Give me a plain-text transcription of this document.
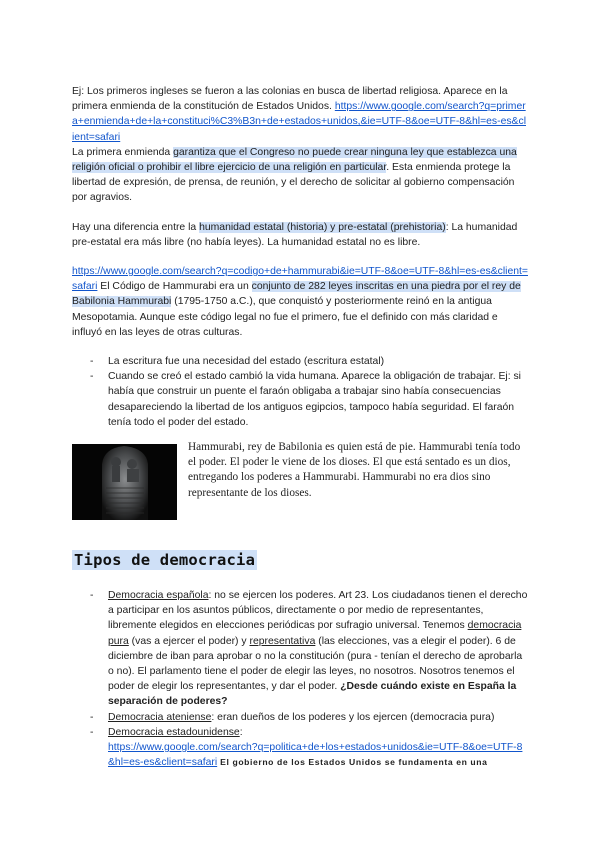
Ej: Los primeros ingleses se fueron a las colonias en busca de libertad religiosa. Aparece en la primera enmienda de la constitución de Estados Unidos. https://www.google.com/search?q=primera+enmienda+de+la+constituci%C3%B3n+de+estados+unidos,&ie=UTF-8&oe=UTF-8&hl=es-es&client=safari

La primera enmienda garantiza que el Congreso no puede crear ninguna ley que establezca una religión oficial o prohibir el libre ejercicio de una religión en particular. Esta enmienda protege la libertad de expresión, de prensa, de reunión, y el derecho de solicitar al gobierno compensación por agravios.

Hay una diferencia entre la humanidad estatal (historia) y pre-estatal (prehistoria): La humanidad pre-estatal era más libre (no había leyes). La humanidad estatal no es libre.

https://www.google.com/search?q=codigo+de+hammurabi&ie=UTF-8&oe=UTF-8&hl=es-es&client=safari El Código de Hammurabi era un conjunto de 282 leyes inscritas en una piedra por el rey de Babilonia Hammurabi (1795-1750 a.C.), que conquistó y posteriormente reinó en la antigua Mesopotamia. Aunque este código legal no fue el primero, fue el definido con más claridad e influyó en las leyes de otras culturas.

- La escritura fue una necesidad del estado (escritura estatal)
- Cuando se creó el estado cambió la vida humana. Aparece la obligación de trabajar. Ej: si había que construir un puente el faraón obligaba a trabajar sino había consecuencias desapareciendo la libertad de los antiguos egipcios, tampoco había seguridad. El faraón tenía todo el poder del estado.
Hammurabi, rey de Babilonia es quien está de pie. Hammurabi tenía todo el poder. El poder le viene de los dioses. El que está sentado es un dios, entregando los poderes a Hammurabi. Hammurabi no era dios sino representante de los dioses.
Tipos de democracia
- Democracia española: no se ejercen los poderes. Art 23. Los ciudadanos tienen el derecho a participar en los asuntos públicos, directamente o por medio de representantes, libremente elegidos en elecciones periódicas por sufragio universal. Tenemos democracia pura (vas a ejercer el poder) y representativa (las elecciones, vas a elegir el poder). 6 de diciembre de iban para aprobar o no la constitución (pura - tenían el derecho de aprobarla o no). El parlamento tiene el poder de elegir las leyes, no nosotros. Nosotros tenemos el poder de elegir los representantes, y dar el poder. ¿Desde cuándo existe en España la separación de poderes?
- Democracia ateniense: eran dueños de los poderes y los ejercen (democracia pura)
- Democracia estadounidense:
https://www.google.com/search?q=politica+de+los+estados+unidos&ie=UTF-8&oe=UTF-8&hl=es-es&client=safari El gobierno de los Estados Unidos se fundamenta en una
